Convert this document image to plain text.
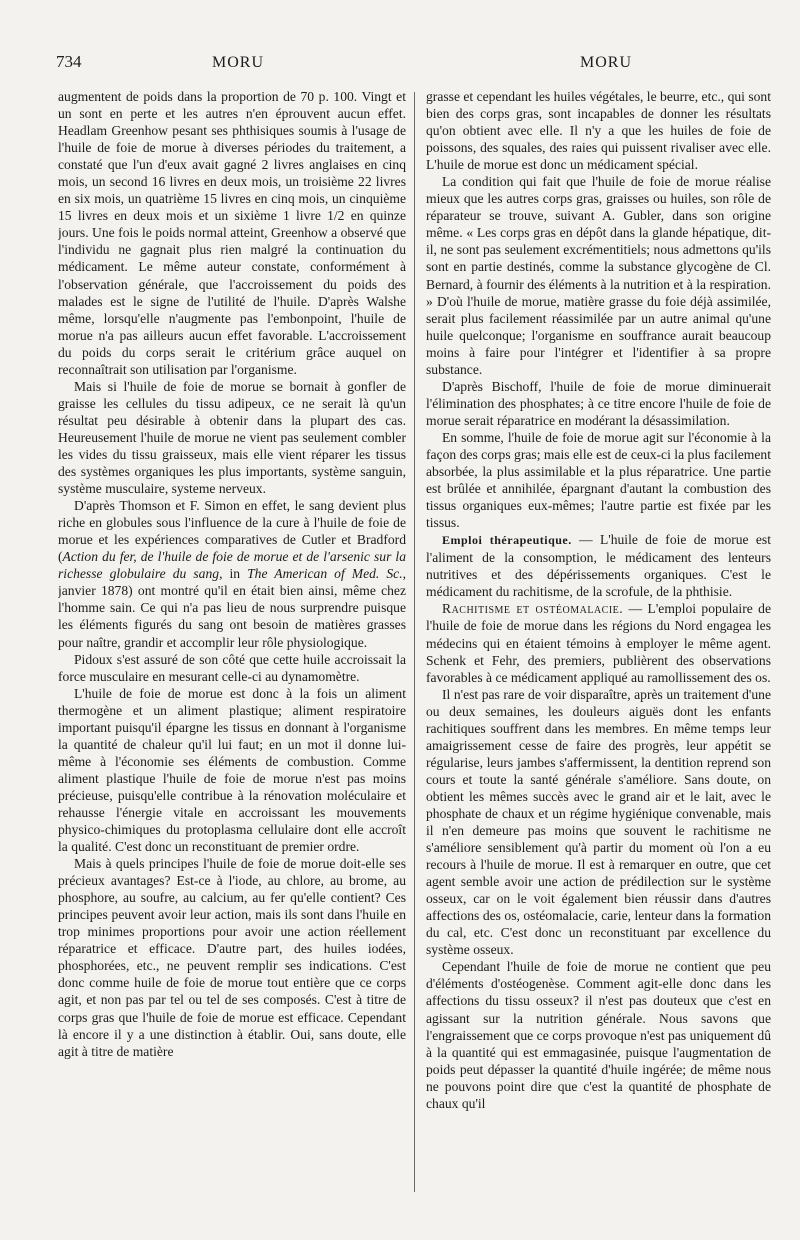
734	MORU	MORU

augmentent de poids dans la proportion de 70 p. 100. Vingt et un sont en perte et les autres n'en éprouvent aucun effet. Headlam Greenhow pesant ses phthisiques soumis à l'usage de l'huile de foie de morue à diverses périodes du traitement, a constaté que l'un d'eux avait gagné 2 livres anglaises en cinq mois, un second 16 livres en deux mois, un troisième 22 livres en six mois, un quatrième 15 livres en cinq mois, un cinquième 15 livres en deux mois et un sixième 1 livre 1/2 en quinze jours. Une fois le poids normal atteint, Greenhow a observé que l'individu ne gagnait plus rien malgré la continuation du médicament. Le même auteur constate, conformément à l'observation générale, que l'accroissement du poids des malades est le signe de l'utilité de l'huile. D'après Walshe même, lorsqu'elle n'augmente pas l'embonpoint, l'huile de morue n'a pas ailleurs aucun effet favorable. L'accroissement du poids du corps serait le critérium grâce auquel on reconnaîtrait son utilisation par l'organisme.

Mais si l'huile de foie de morue se bornait à gonfler de graisse les cellules du tissu adipeux, ce ne serait là qu'un résultat peu désirable à obtenir dans la plupart des cas. Heureusement l'huile de morue ne vient pas seulement combler les vides du tissu graisseux, mais elle vient réparer les tissus des systèmes organiques les plus importants, système sanguin, système musculaire, systeme nerveux.

D'après Thomson et F. Simon en effet, le sang devient plus riche en globules sous l'influence de la cure à l'huile de foie de morue et les expériences comparatives de Cutler et Bradford (Action du fer, de l'huile de foie de morue et de l'arsenic sur la richesse globulaire du sang, in The American of Med. Sc., janvier 1878) ont montré qu'il en était bien ainsi, même chez l'homme sain. Ce qui n'a pas lieu de nous surprendre puisque les éléments figurés du sang ont besoin de matières grasses pour naître, grandir et accomplir leur rôle physiologique.

Pidoux s'est assuré de son côté que cette huile accroissait la force musculaire en mesurant celle-ci au dynamomètre.

L'huile de foie de morue est donc à la fois un aliment thermogène et un aliment plastique; aliment respiratoire important puisqu'il épargne les tissus en donnant à l'organisme la quantité de chaleur qu'il lui faut; en un mot il donne lui-même à l'économie ses éléments de combustion. Comme aliment plastique l'huile de foie de morue n'est pas moins précieuse, puisqu'elle contribue à la rénovation moléculaire et rehausse l'énergie vitale en accroissant les mouvements physico-chimiques du protoplasma cellulaire dont elle accroît la qualité. C'est donc un reconstituant de premier ordre.

Mais à quels principes l'huile de foie de morue doit-elle ses précieux avantages? Est-ce à l'iode, au chlore, au brome, au phosphore, au soufre, au calcium, au fer qu'elle contient? Ces principes peuvent avoir leur action, mais ils sont dans l'huile en trop minimes proportions pour avoir une action réellement réparatrice et efficace. D'autre part, des huiles iodées, phosphorées, etc., ne peuvent remplir ses indications. C'est donc comme huile de foie de morue tout entière que ce corps agit, et non pas par tel ou tel de ses composés. C'est à titre de corps gras que l'huile de foie de morue est efficace. Cependant là encore il y a une distinction à établir. Oui, sans doute, elle agit à titre de matière

grasse et cependant les huiles végétales, le beurre, etc., qui sont bien des corps gras, sont incapables de donner les résultats qu'on obtient avec elle. Il n'y a que les huiles de foie de poissons, des squales, des raies qui puissent rivaliser avec elle. L'huile de morue est donc un médicament spécial.

La condition qui fait que l'huile de foie de morue réalise mieux que les autres corps gras, graisses ou huiles, son rôle de réparateur se trouve, suivant A. Gubler, dans son origine même. « Les corps gras en dépôt dans la glande hépatique, dit-il, ne sont pas seulement excrémentitiels; nous admettons qu'ils sont en partie destinés, comme la substance glycogène de Cl. Bernard, à fournir des éléments à la nutrition et à la respiration. » D'où l'huile de morue, matière grasse du foie déjà assimilée, serait plus facilement réassimilée par un autre animal qu'une huile quelconque; l'organisme en souffrance aurait beaucoup moins à faire pour l'intégrer et l'identifier à sa propre substance.

D'après Bischoff, l'huile de foie de morue diminuerait l'élimination des phosphates; à ce titre encore l'huile de foie de morue serait réparatrice en modérant la désassimilation.

En somme, l'huile de foie de morue agit sur l'économie à la façon des corps gras; mais elle est de ceux-ci la plus facilement absorbée, la plus assimilable et la plus réparatrice. Une partie est brûlée et annihilée, épargnant d'autant la combustion des tissus organiques eux-mêmes; l'autre partie est fixée par les tissus.

Emploi thérapeutique. — L'huile de foie de morue est l'aliment de la consomption, le médicament des lenteurs nutritives et des dépérissements organiques. C'est le médicament du rachitisme, de la scrofule, de la phthisie.

Rachitisme et ostéomalacie. — L'emploi populaire de l'huile de foie de morue dans les régions du Nord engagea les médecins qui en étaient témoins à employer le même agent. Schenk et Fehr, des premiers, publièrent des observations favorables à ce médicament appliqué au ramollissement des os.

Il n'est pas rare de voir disparaître, après un traitement d'une ou deux semaines, les douleurs aiguës dont les enfants rachitiques souffrent dans les membres. En même temps leur amaigrissement cesse de faire des progrès, leur appétit se régularise, leurs jambes s'affermissent, la dentition reprend son cours et toute la santé générale s'améliore. Sans doute, on obtient les mêmes succès avec le grand air et le lait, avec le phosphate de chaux et un régime hygiénique convenable, mais il n'en demeure pas moins que souvent le rachitisme ne s'améliore sensiblement qu'à partir du moment où l'on a eu recours à l'huile de morue. Il est à remarquer en outre, que cet agent semble avoir une action de prédilection sur le système osseux, car on le voit également bien réussir dans d'autres affections des os, ostéomalacie, carie, lenteur dans la formation du cal, etc. C'est donc un reconstituant par excellence du système osseux.

Cependant l'huile de foie de morue ne contient que peu d'éléments d'ostéogenèse. Comment agit-elle donc dans les affections du tissu osseux? il n'est pas douteux que c'est en agissant sur la nutrition générale. Nous savons que l'engraissement que ce corps provoque n'est pas uniquement dû à la quantité qui est emmagasinée, puisque l'augmentation de poids peut dépasser la quantité d'huile ingérée; de même nous ne pouvons point dire que c'est la quantité de phosphate de chaux qu'il
